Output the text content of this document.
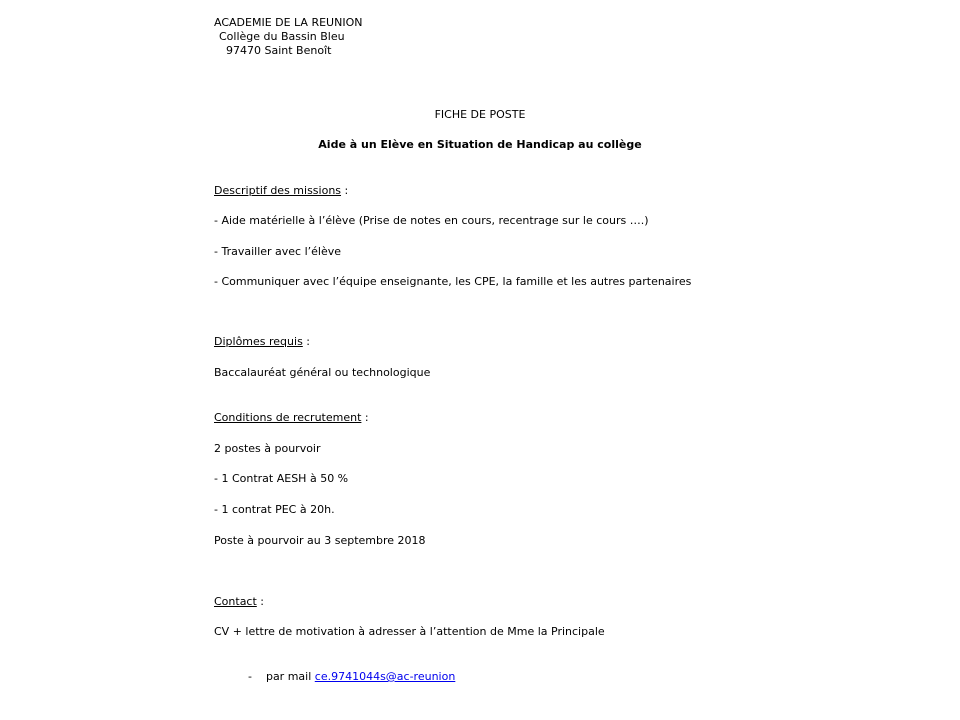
ACADEMIE DE LA REUNION
Collège du Bassin Bleu
97470 Saint Benoît
FICHE DE POSTE
Aide à un Elève en Situation de Handicap au collège
Descriptif des missions :
- Aide matérielle à l’élève (Prise de notes en cours, recentrage sur le cours ….)
- Travailler avec l’élève
- Communiquer avec l’équipe enseignante, les CPE, la famille et les autres partenaires
Diplômes requis :
Baccalauréat général ou technologique
Conditions de recrutement :
2 postes à pourvoir
- 1 Contrat AESH à 50 %
- 1 contrat PEC à 20h.
Poste à pourvoir au 3 septembre 2018
Contact :
CV + lettre de motivation à adresser à l’attention de Mme la Principale

-    par mail ce.9741044s@ac-reunion
